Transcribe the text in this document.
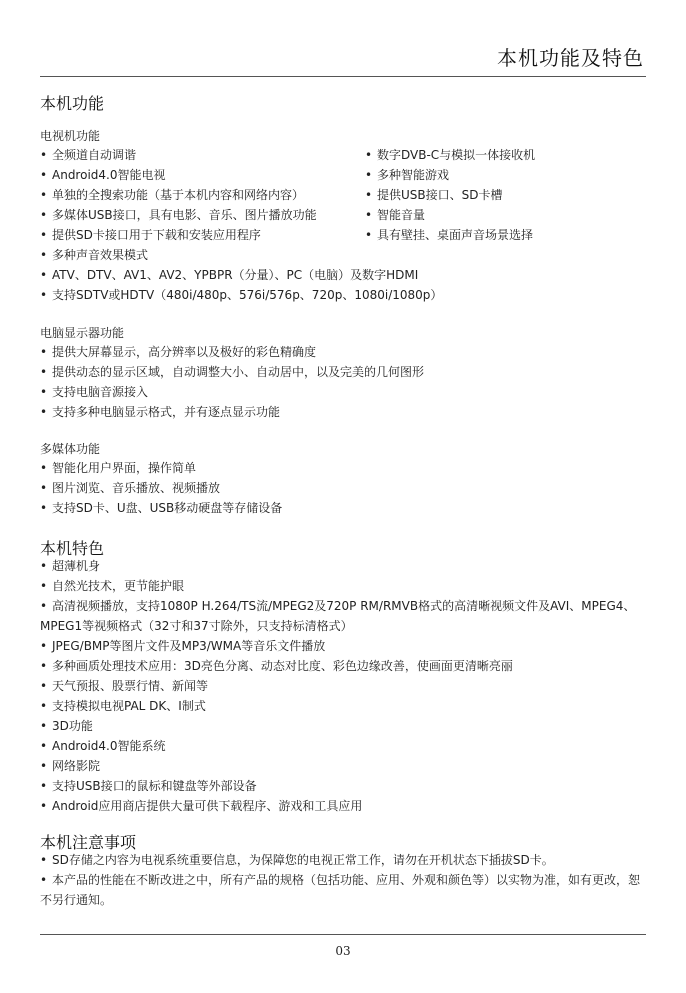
本机功能及特色
本机功能
电视机功能
• 全频道自动调谐
• Android4.0智能电视
• 单独的全搜索功能（基于本机内容和网络内容）
• 多媒体USB接口，具有电影、音乐、图片播放功能
• 提供SD卡接口用于下载和安装应用程序
• 多种声音效果模式
• ATV、DTV、AV1、AV2、YPBPR（分量）、PC（电脑）及数字HDMI
• 支持SDTV或HDTV（480i/480p、576i/576p、720p、1080i/1080p）
• 数字DVB-C与模拟一体接收机
• 多种智能游戏
• 提供USB接口、SD卡槽
• 智能音量
• 具有壁挂、桌面声音场景选择
电脑显示器功能
• 提供大屏幕显示，高分辨率以及极好的彩色精确度
• 提供动态的显示区域，自动调整大小、自动居中，以及完美的几何图形
• 支持电脑音源接入
• 支持多种电脑显示格式，并有逐点显示功能
多媒体功能
• 智能化用户界面，操作简单
• 图片浏览、音乐播放、视频播放
• 支持SD卡、U盘、USB移动硬盘等存储设备
本机特色
• 超薄机身
• 自然光技术，更节能护眼
• 高清视频播放，支持1080P H.264/TS流/MPEG2及720P RM/RMVB格式的高清晰视频文件及AVI、MPEG4、MPEG1等视频格式（32寸和37寸除外，只支持标清格式）
• JPEG/BMP等图片文件及MP3/WMA等音乐文件播放
• 多种画质处理技术应用：3D亮色分离、动态对比度、彩色边缘改善，使画面更清晰亮丽
• 天气预报、股票行情、新闻等
• 支持模拟电视PAL DK、I制式
• 3D功能
• Android4.0智能系统
• 网络影院
• 支持USB接口的鼠标和键盘等外部设备
• Android应用商店提供大量可供下载程序、游戏和工具应用
本机注意事项
• SD存储之内容为电视系统重要信息，为保障您的电视正常工作，请勿在开机状态下插拔SD卡。
• 本产品的性能在不断改进之中，所有产品的规格（包括功能、应用、外观和颜色等）以实物为准，如有更改，恕不另行通知。
03
